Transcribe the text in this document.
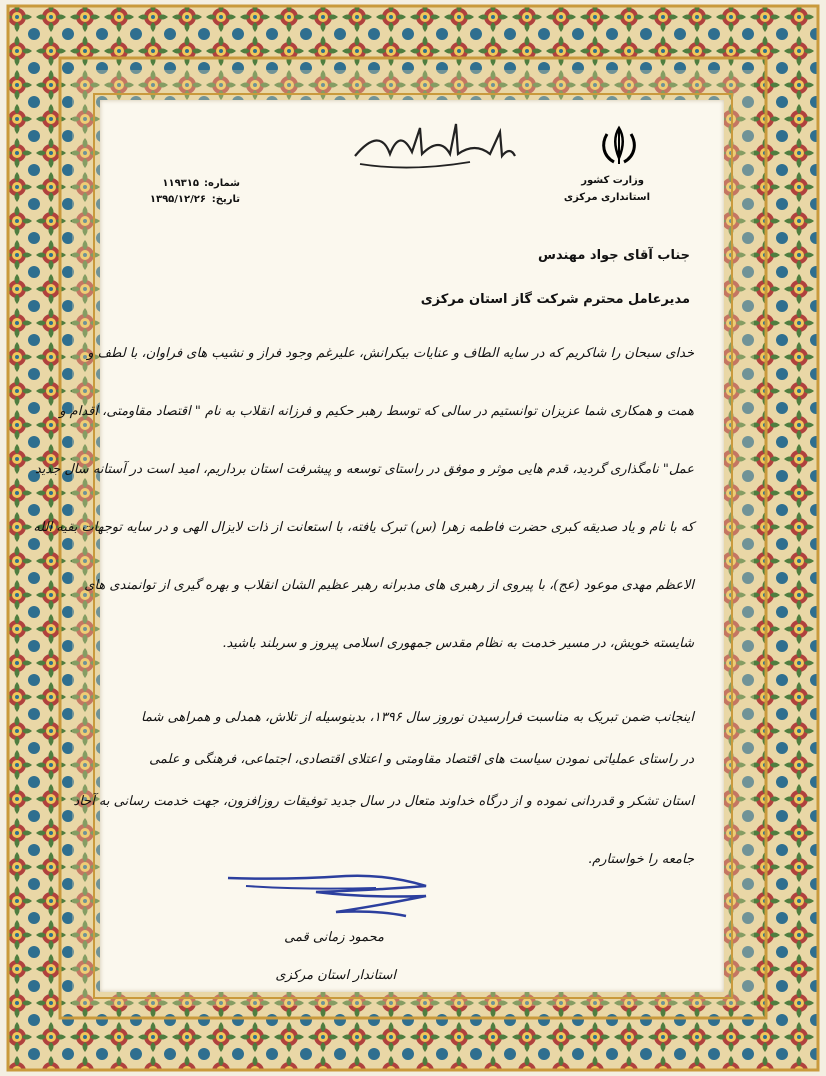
وزارت کشور
استانداری مرکزی
بسم الله الرحمن الرحیم
شماره:
۱۱۹۳۱۵
تاریخ:
۱۳۹۵/۱۲/۲۶
جناب آقای جواد مهندس
مدیرعامل محترم شرکت گاز استان مرکزی
خدای سبحان را شاکریم که در سایه الطاف و عنایات بیکرانش، علیرغم وجود فراز و نشیب های فراوان، با لطف و
همت و همکاری شما عزیزان توانستیم در سالی که توسط رهبر حکیم و فرزانه انقلاب به نام " اقتصاد مقاومتی، اقدام و
عمل" نامگذاری گردید، قدم هایی موثر و موفق در راستای توسعه و پیشرفت استان برداریم، امید است در آستانه سال جدید
که با نام و یاد صدیقه کبری حضرت فاطمه زهرا (س) تبرک یافته، با استعانت از ذات لایزال الهی و در سایه توجهات بقیه الله
الاعظم مهدی موعود (عج)، با پیروی از رهبری های مدبرانه رهبر عظیم الشان انقلاب و بهره گیری از توانمندی های
شایسته خویش، در مسیر خدمت به نظام مقدس جمهوری اسلامی پیروز و سربلند باشید.
اینجانب ضمن تبریک به مناسبت فرارسیدن نوروز سال ۱۳۹۶، بدینوسیله از تلاش، همدلی و همراهی شما
در راستای عملیاتی نمودن سیاست های اقتصاد مقاومتی و اعتلای اقتصادی، اجتماعی، فرهنگی و علمی
استان تشکر و قدردانی نموده و از درگاه خداوند متعال در سال جدید توفیقات روزافزون، جهت خدمت رسانی به آحاد
جامعه را خواستارم.
محمود زمانی قمی
استاندار استان مرکزی
